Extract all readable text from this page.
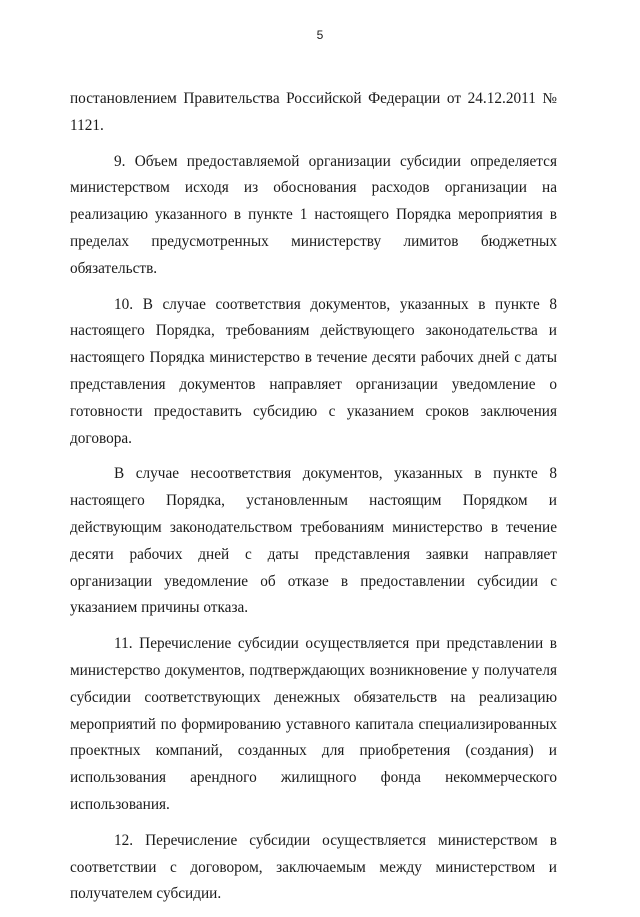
5

постановлением Правительства Российской Федерации от 24.12.2011 № 1121.

9. Объем предоставляемой организации субсидии определяется министерством исходя из обоснования расходов организации на реализацию указанного в пункте 1 настоящего Порядка мероприятия в пределах предусмотренных министерству лимитов бюджетных обязательств.

10. В случае соответствия документов, указанных в пункте 8 настоящего Порядка, требованиям действующего законодательства и настоящего Порядка министерство в течение десяти рабочих дней с даты представления документов направляет организации уведомление о готовности предоставить субсидию с указанием сроков заключения договора.

В случае несоответствия документов, указанных в пункте 8 настоящего Порядка, установленным настоящим Порядком и действующим законодательством требованиям министерство в течение десяти рабочих дней с даты представления заявки направляет организации уведомление об отказе в предоставлении субсидии с указанием причины отказа.

11. Перечисление субсидии осуществляется при представлении в министерство документов, подтверждающих возникновение у получателя субсидии соответствующих денежных обязательств на реализацию мероприятий по формированию уставного капитала специализированных проектных компаний, созданных для приобретения (создания) и использования арендного жилищного фонда некоммерческого использования.

12. Перечисление субсидии осуществляется министерством в соответствии с договором, заключаемым между министерством и получателем субсидии.
